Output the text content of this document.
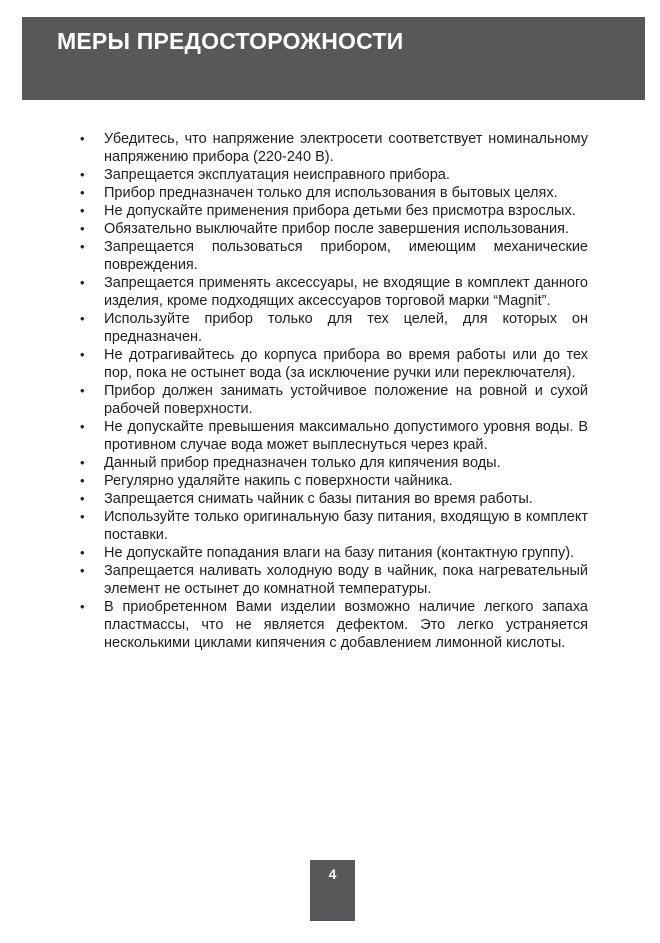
МЕРЫ ПРЕДОСТОРОЖНОСТИ
• Убедитесь, что напряжение электросети соответствует номинальному напряжению прибора (220-240 В).
• Запрещается эксплуатация неисправного прибора.
• Прибор предназначен только для использования в бытовых целях.
• Не допускайте применения прибора детьми без присмотра взрослых.
• Обязательно выключайте прибор после завершения использования.
• Запрещается пользоваться прибором, имеющим механические повреждения.
• Запрещается применять аксессуары, не входящие в комплект данного изделия, кроме подходящих аксессуаров торговой марки “Magnit”.
• Используйте прибор только для тех целей, для которых он предназначен.
• Не дотрагивайтесь до корпуса прибора во время работы или до тех пор, пока не остынет вода (за исключение ручки или переключателя).
• Прибор должен занимать устойчивое положение на ровной и сухой рабочей поверхности.
• Не допускайте превышения максимально допустимого уровня воды. В противном случае вода может выплеснуться через край.
• Данный прибор предназначен только для кипячения воды.
• Регулярно удаляйте накипь с поверхности чайника.
• Запрещается снимать чайник с базы питания во время работы.
• Используйте только оригинальную базу питания, входящую в комплект поставки.
• Не допускайте попадания влаги на базу питания (контактную группу).
• Запрещается наливать холодную воду в чайник, пока нагревательный элемент не остынет до комнатной температуры.
• В приобретенном Вами изделии возможно наличие легкого запаха пластмассы, что не является дефектом. Это легко устраняется несколькими циклами кипячения с добавлением лимонной кислоты.
4
